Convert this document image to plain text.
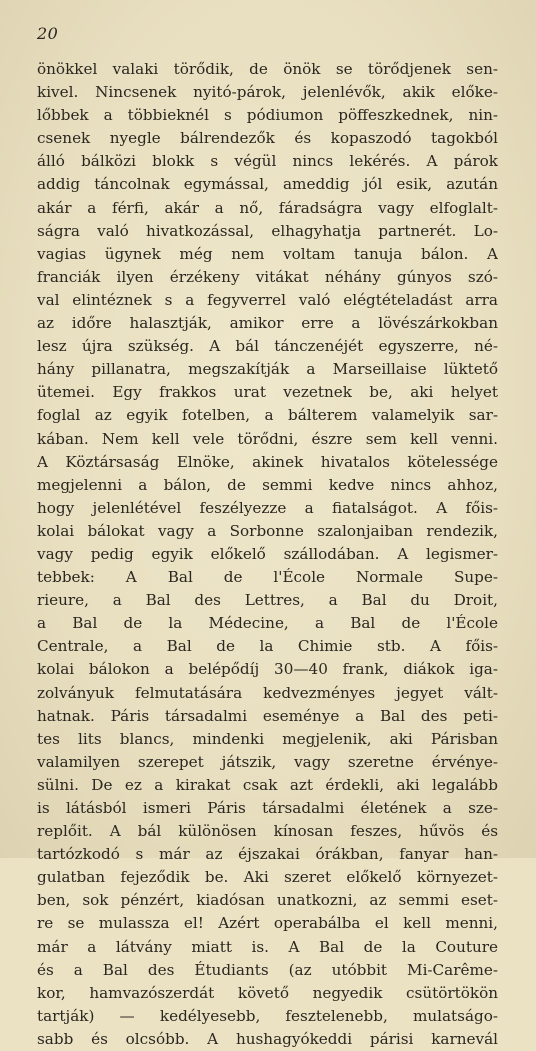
20
önökkel valaki törődik, de önök se törődjenek sen-
kivel. Nincsenek nyitó-párok, jelenlévők, akik előke-
lőbbek a többieknél s pódiumon pöffeszkednek, nin-
csenek nyegle bálrendezők és kopaszodó tagokból
álló bálközi blokk s végül nincs lekérés. A párok
addig táncolnak egymással, ameddig jól esik, azután
akár a férfi, akár a nő, fáradságra vagy elfoglalt-
ságra való hivatkozással, elhagyhatja partnerét. Lo-
vagias ügynek még nem voltam tanuja bálon. A
franciák ilyen érzékeny vitákat néhány gúnyos szó-
val elintéznek s a fegyverrel való elégtételadást arra
az időre halasztják, amikor erre a lövészárkokban
lesz újra szükség. A bál tánczenéjét egyszerre, né-
hány pillanatra, megszakítják a Marseillaise lüktető
ütemei. Egy frakkos urat vezetnek be, aki helyet
foglal az egyik fotelben, a bálterem valamelyik sar-
kában. Nem kell vele törődni, észre sem kell venni.
A Köztársaság Elnöke, akinek hivatalos kötelessége
megjelenni a bálon, de semmi kedve nincs ahhoz,
hogy jelenlétével feszélyezze a fiatalságot. A főis-
kolai bálokat vagy a Sorbonne szalonjaiban rendezik,
vagy pedig egyik előkelő szállodában. A legismer-
tebbek: A Bal de l'École Normale Supe-
rieure, a Bal des Lettres, a Bal du Droit,
a Bal de la Médecine, a Bal de l'École
Centrale, a Bal de la Chimie stb. A főis-
kolai bálokon a belépődíj 30—40 frank, diákok iga-
zolványuk felmutatására kedvezményes jegyet vált-
hatnak. Páris társadalmi eseménye a Bal des peti-
tes lits blancs, mindenki megjelenik, aki Párisban
valamilyen szerepet játszik, vagy szeretne érvénye-
sülni. De ez a kirakat csak azt érdekli, aki legalább
is látásból ismeri Páris társadalmi életének a sze-
replőit. A bál különösen kínosan feszes, hűvös és
tartózkodó s már az éjszakai órákban, fanyar han-
gulatban fejeződik be. Aki szeret előkelő környezet-
ben, sok pénzért, kiadósan unatkozni, az semmi eset-
re se mulassza el! Azért operabálba el kell menni,
már a látvány miatt is. A Bal de la Couture
és a Bal des Étudiants (az utóbbit Mi-Carême-
kor, hamvazószerdát követő negyedik csütörtökön
tartják) — kedélyesebb, fesztelenebb, mulatságo-
sabb és olcsóbb. A hushagyókeddi párisi karnevál
